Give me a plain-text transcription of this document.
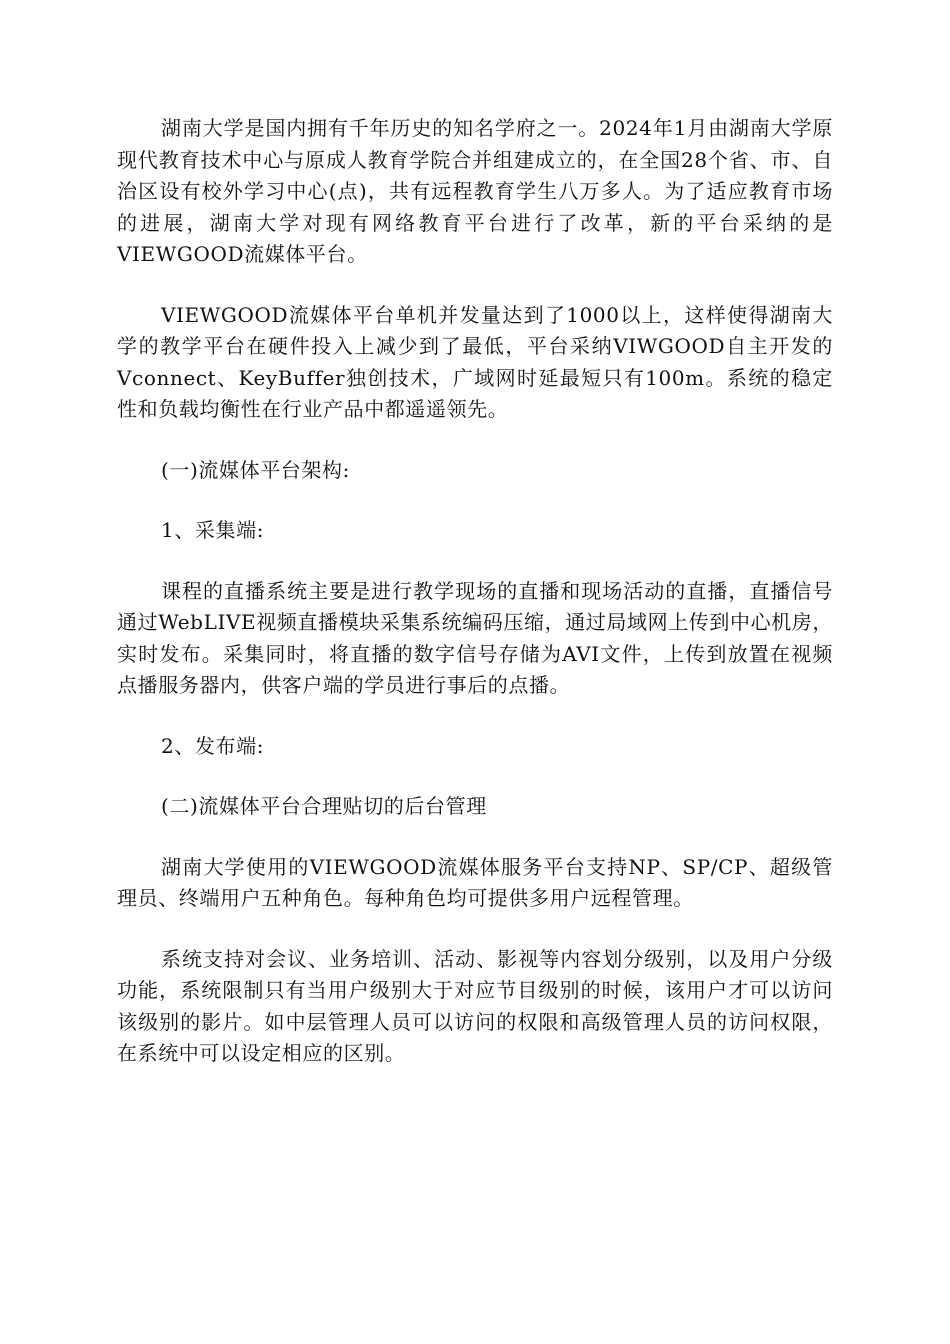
湖南大学是国内拥有千年历史的知名学府之一。2024年1月由湖南大学原现代教育技术中心与原成人教育学院合并组建成立的，在全国28个省、市、自治区设有校外学习中心(点)，共有远程教育学生八万多人。为了适应教育市场的进展，湖南大学对现有网络教育平台进行了改革，新的平台采纳的是VIEWGOOD流媒体平台。

VIEWGOOD流媒体平台单机并发量达到了1000以上，这样使得湖南大学的教学平台在硬件投入上减少到了最低，平台采纳VIWGOOD自主开发的Vconnect、KeyBuffer独创技术，广域网时延最短只有100m。系统的稳定性和负载均衡性在行业产品中都遥遥领先。

(一)流媒体平台架构:

1、采集端:

课程的直播系统主要是进行教学现场的直播和现场活动的直播，直播信号通过WebLIVE视频直播模块采集系统编码压缩，通过局域网上传到中心机房，实时发布。采集同时，将直播的数字信号存储为AVI文件，上传到放置在视频点播服务器内，供客户端的学员进行事后的点播。

2、发布端:

(二)流媒体平台合理贴切的后台管理

湖南大学使用的VIEWGOOD流媒体服务平台支持NP、SP/CP、超级管理员、终端用户五种角色。每种角色均可提供多用户远程管理。

系统支持对会议、业务培训、活动、影视等内容划分级别，以及用户分级功能，系统限制只有当用户级别大于对应节目级别的时候，该用户才可以访问该级别的影片。如中层管理人员可以访问的权限和高级管理人员的访问权限，在系统中可以设定相应的区别。
